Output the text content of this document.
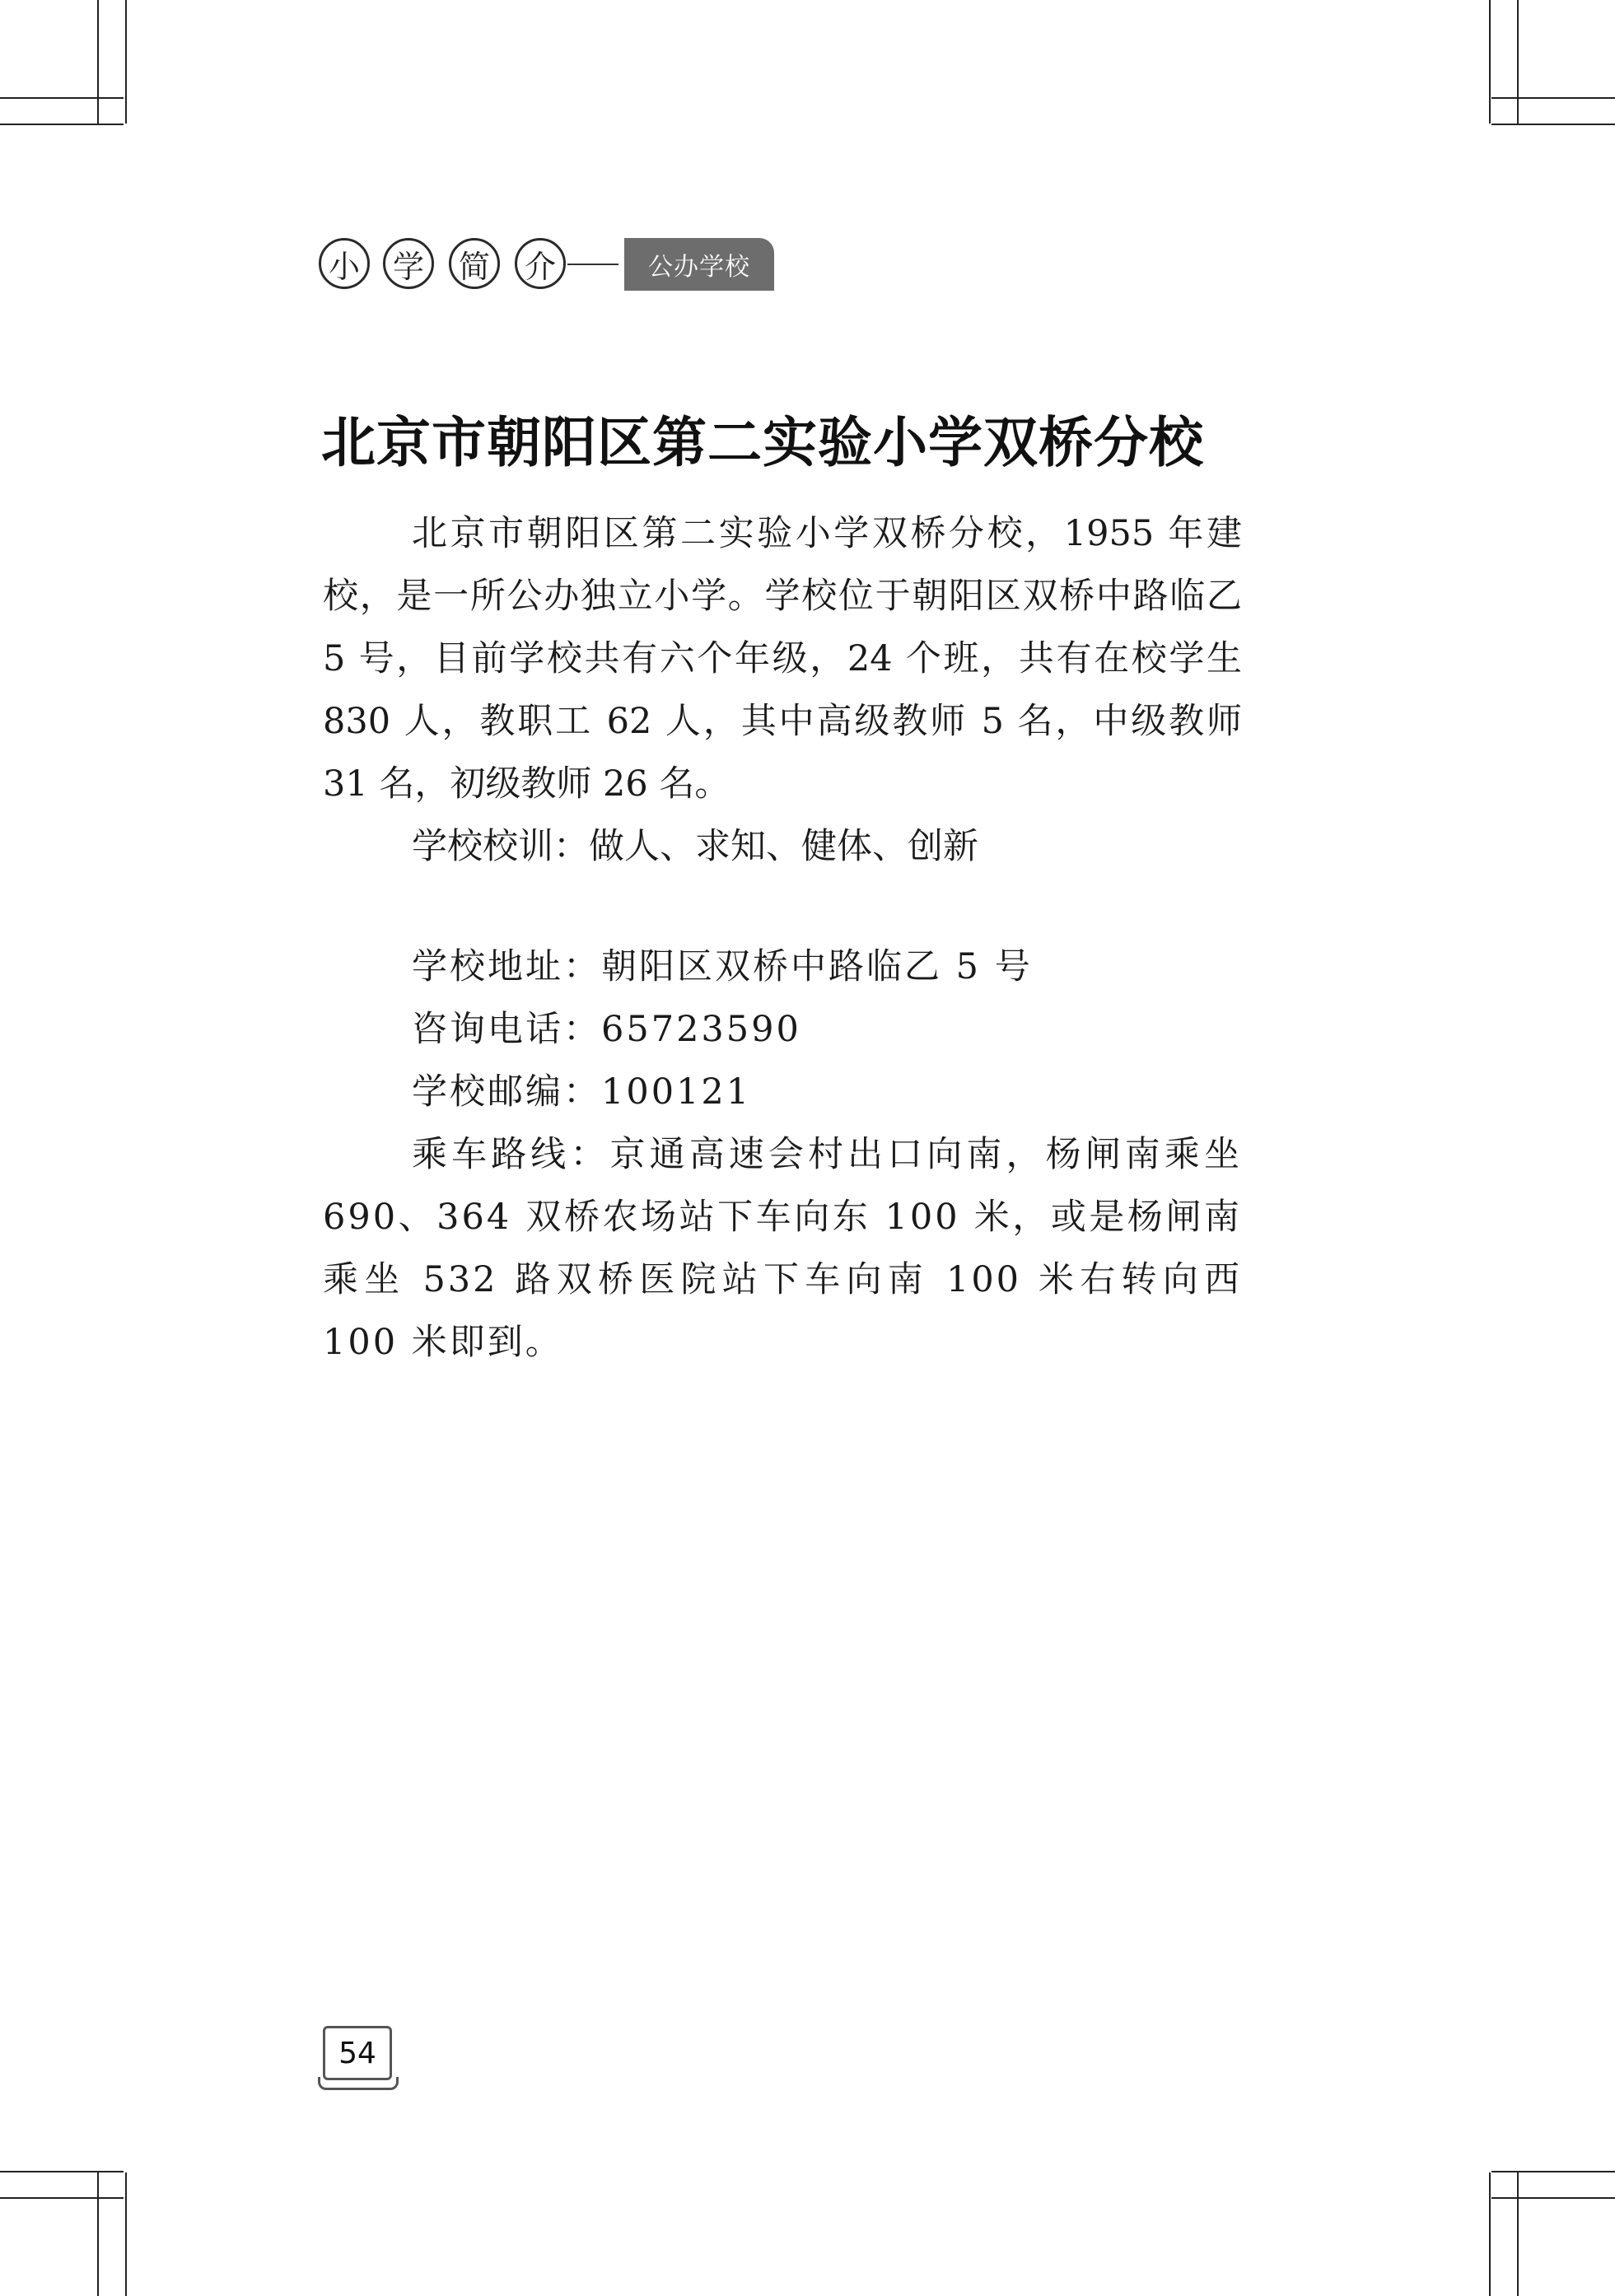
小	学	简	介	公办学校
北京市朝阳区第二实验小学双桥分校

北京市朝阳区第二实验小学双桥分校，1955 年建校，是一所公办独立小学。学校位于朝阳区双桥中路临乙 5 号，目前学校共有六个年级，24 个班，共有在校学生 830 人，教职工 62 人，其中高级教师 5 名，中级教师 31 名，初级教师 26 名。

学校校训：做人、求知、健体、创新

学校地址：朝阳区双桥中路临乙 5 号
咨询电话：65723590
学校邮编：100121
乘车路线：京通高速会村出口向南，杨闸南乘坐 690、364 双桥农场站下车向东 100 米，或是杨闸南乘坐 532 路双桥医院站下车向南 100 米右转向西 100 米即到。
54
